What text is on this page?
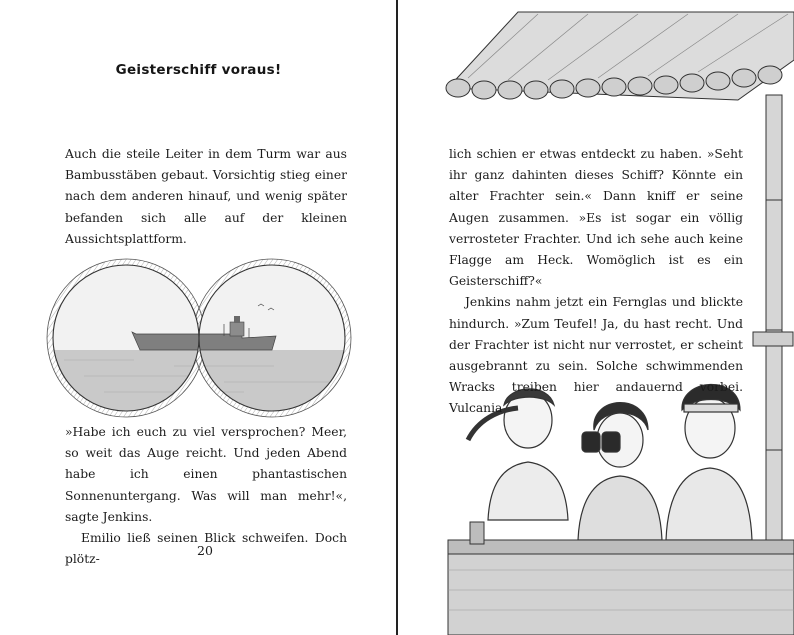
Geisterschiff voraus!

Auch die steile Leiter in dem Turm war aus Bambusstäben gebaut. Vorsichtig stieg einer nach dem anderen hinauf, und wenig später befanden sich alle auf der kleinen Aussichtsplattform.

»Habe ich euch zu viel versprochen? Meer, so weit das Auge reicht. Und jeden Abend habe ich einen phantastischen Sonnenuntergang. Was will man mehr!«, sagte Jenkins.
Emilio ließ seinen Blick schweifen. Doch plötz-
20
lich schien er etwas entdeckt zu haben. »Seht ihr ganz dahinten dieses Schiff? Könnte ein alter Frachter sein.« Dann kniff er seine Augen zusammen. »Es ist sogar ein völlig verrosteter Frachter. Und ich sehe auch keine Flagge am Heck. Womöglich ist es ein Geisterschiff?«
Jenkins nahm jetzt ein Fernglas und blickte hindurch. »Zum Teufel! Ja, du hast recht. Und der Frachter ist nicht nur verrostet, er scheint ausgebrannt zu sein. Solche schwimmenden Wracks treiben hier andauernd vorbei. Vulcania
